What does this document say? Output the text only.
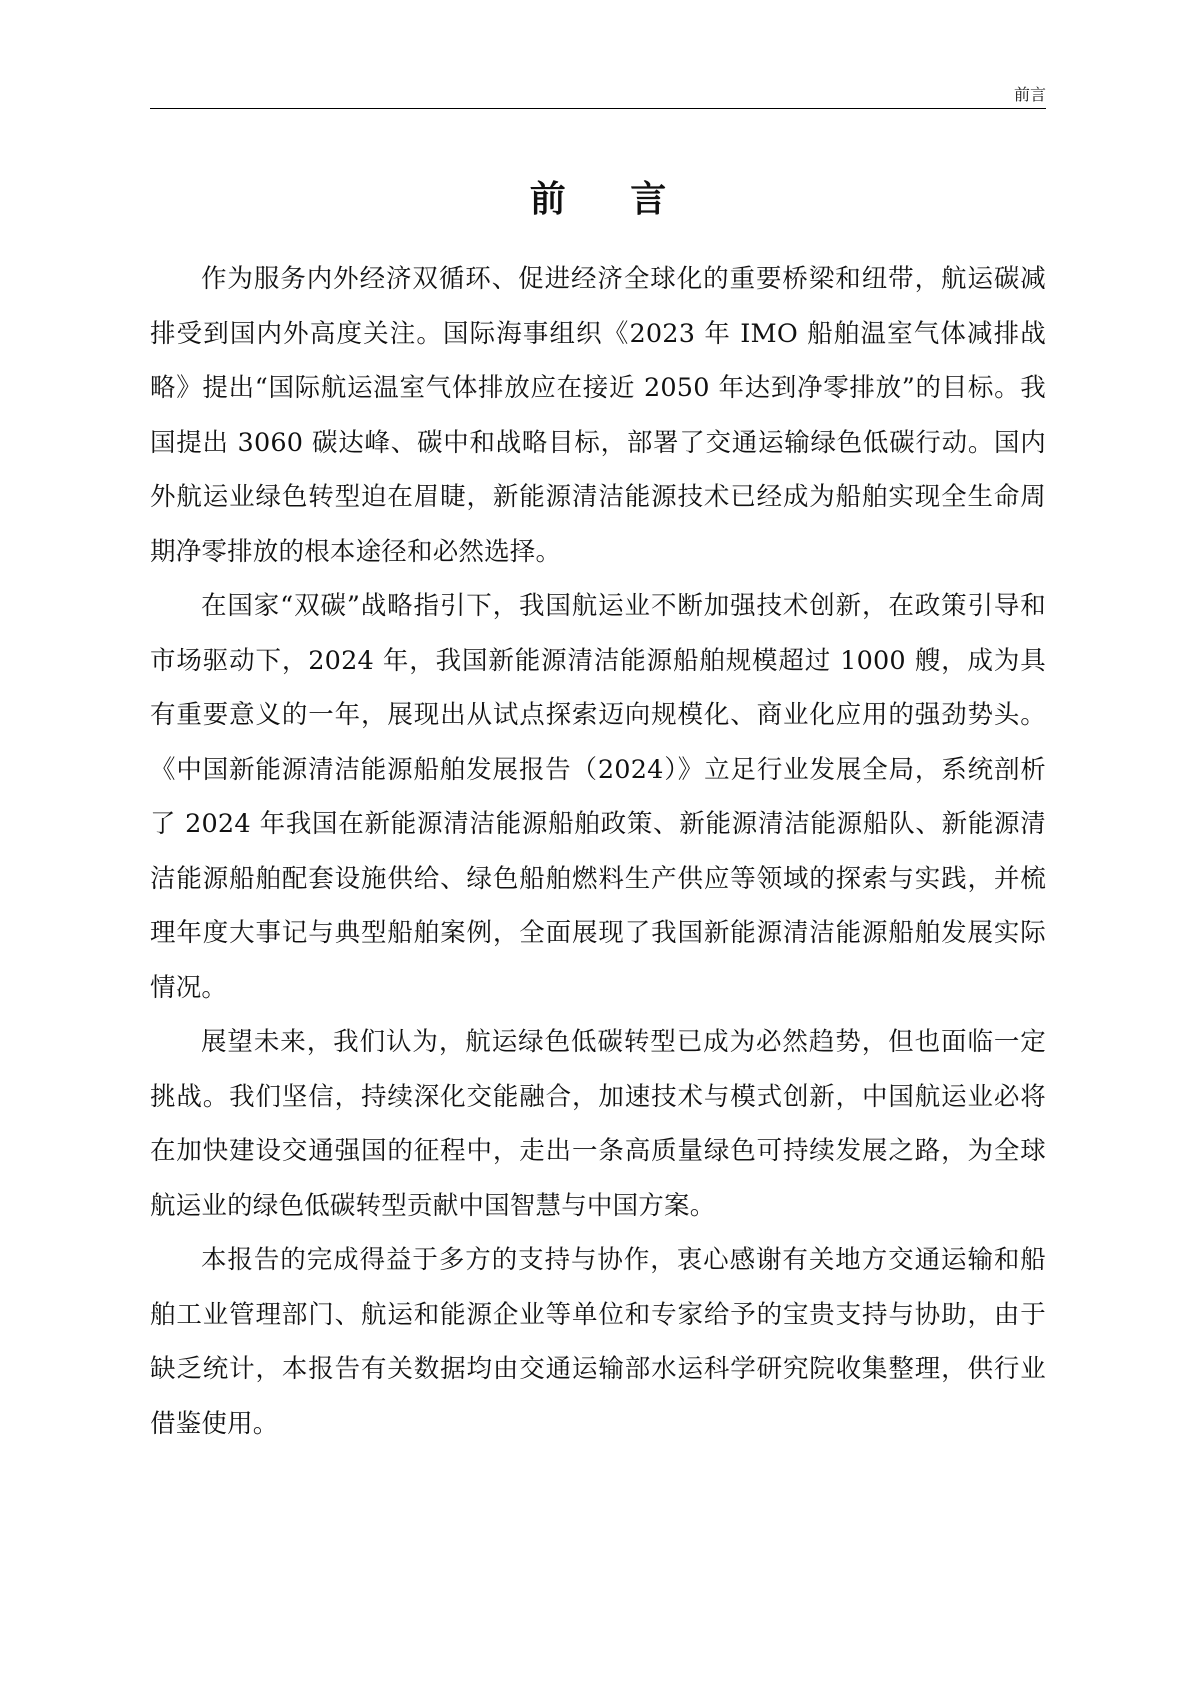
前言
前 言

作为服务内外经济双循环、促进经济全球化的重要桥梁和纽带，航运碳减排受到国内外高度关注。国际海事组织《2023 年 IMO 船舶温室气体减排战略》提出“国际航运温室气体排放应在接近 2050 年达到净零排放”的目标。我国提出 3060 碳达峰、碳中和战略目标，部署了交通运输绿色低碳行动。国内外航运业绿色转型迫在眉睫，新能源清洁能源技术已经成为船舶实现全生命周期净零排放的根本途径和必然选择。

在国家“双碳”战略指引下，我国航运业不断加强技术创新，在政策引导和市场驱动下，2024 年，我国新能源清洁能源船舶规模超过 1000 艘，成为具有重要意义的一年，展现出从试点探索迈向规模化、商业化应用的强劲势头。《中国新能源清洁能源船舶发展报告（2024）》立足行业发展全局，系统剖析了 2024 年我国在新能源清洁能源船舶政策、新能源清洁能源船队、新能源清洁能源船舶配套设施供给、绿色船舶燃料生产供应等领域的探索与实践，并梳理年度大事记与典型船舶案例，全面展现了我国新能源清洁能源船舶发展实际情况。

展望未来，我们认为，航运绿色低碳转型已成为必然趋势，但也面临一定挑战。我们坚信，持续深化交能融合，加速技术与模式创新，中国航运业必将在加快建设交通强国的征程中，走出一条高质量绿色可持续发展之路，为全球航运业的绿色低碳转型贡献中国智慧与中国方案。

本报告的完成得益于多方的支持与协作，衷心感谢有关地方交通运输和船舶工业管理部门、航运和能源企业等单位和专家给予的宝贵支持与协助，由于缺乏统计，本报告有关数据均由交通运输部水运科学研究院收集整理，供行业借鉴使用。
